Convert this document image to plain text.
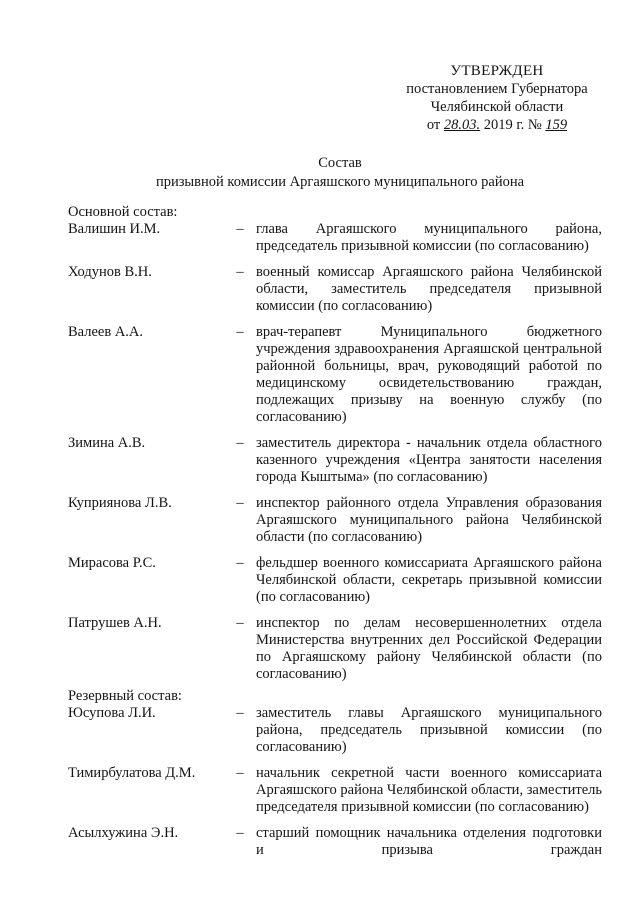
УТВЕРЖДЕН
постановлением Губернатора
Челябинской области
от 28.03. 2019 г. № 159
Состав
призывной комиссии Аргаяшского муниципального района
Основной состав:
Валишин И.М.	– глава Аргаяшского муниципального района, председатель призывной комиссии (по согласованию)
Ходунов В.Н.	– военный комиссар Аргаяшского района Челябинской области, заместитель председателя призывной комиссии (по согласованию)
Валеев А.А.	– врач-терапевт Муниципального бюджетного учреждения здравоохранения Аргаяшской центральной районной больницы, врач, руководящий работой по медицинскому освидетельствованию граждан, подлежащих призыву на военную службу (по согласованию)
Зимина А.В.	– заместитель директора - начальник отдела областного казенного учреждения «Центра занятости населения города Кыштыма» (по согласованию)
Куприянова Л.В.	– инспектор районного отдела Управления образования Аргаяшского муниципального района Челябинской области (по согласованию)
Мирасова Р.С.	– фельдшер военного комиссариата Аргаяшского района Челябинской области, секретарь призывной комиссии (по согласованию)
Патрушев А.Н.	– инспектор по делам несовершеннолетних отдела Министерства внутренних дел Российской Федерации по Аргаяшскому району Челябинской области (по согласованию)
Резервный состав:
Юсупова Л.И.	– заместитель главы Аргаяшского муниципального района, председатель призывной комиссии (по согласованию)
Тимирбулатова Д.М.	– начальник секретной части военного комиссариата Аргаяшского района Челябинской области, заместитель председателя призывной комиссии (по согласованию)
Асылхужина Э.Н.	– старший помощник начальника отделения подготовки и призыва граждан
